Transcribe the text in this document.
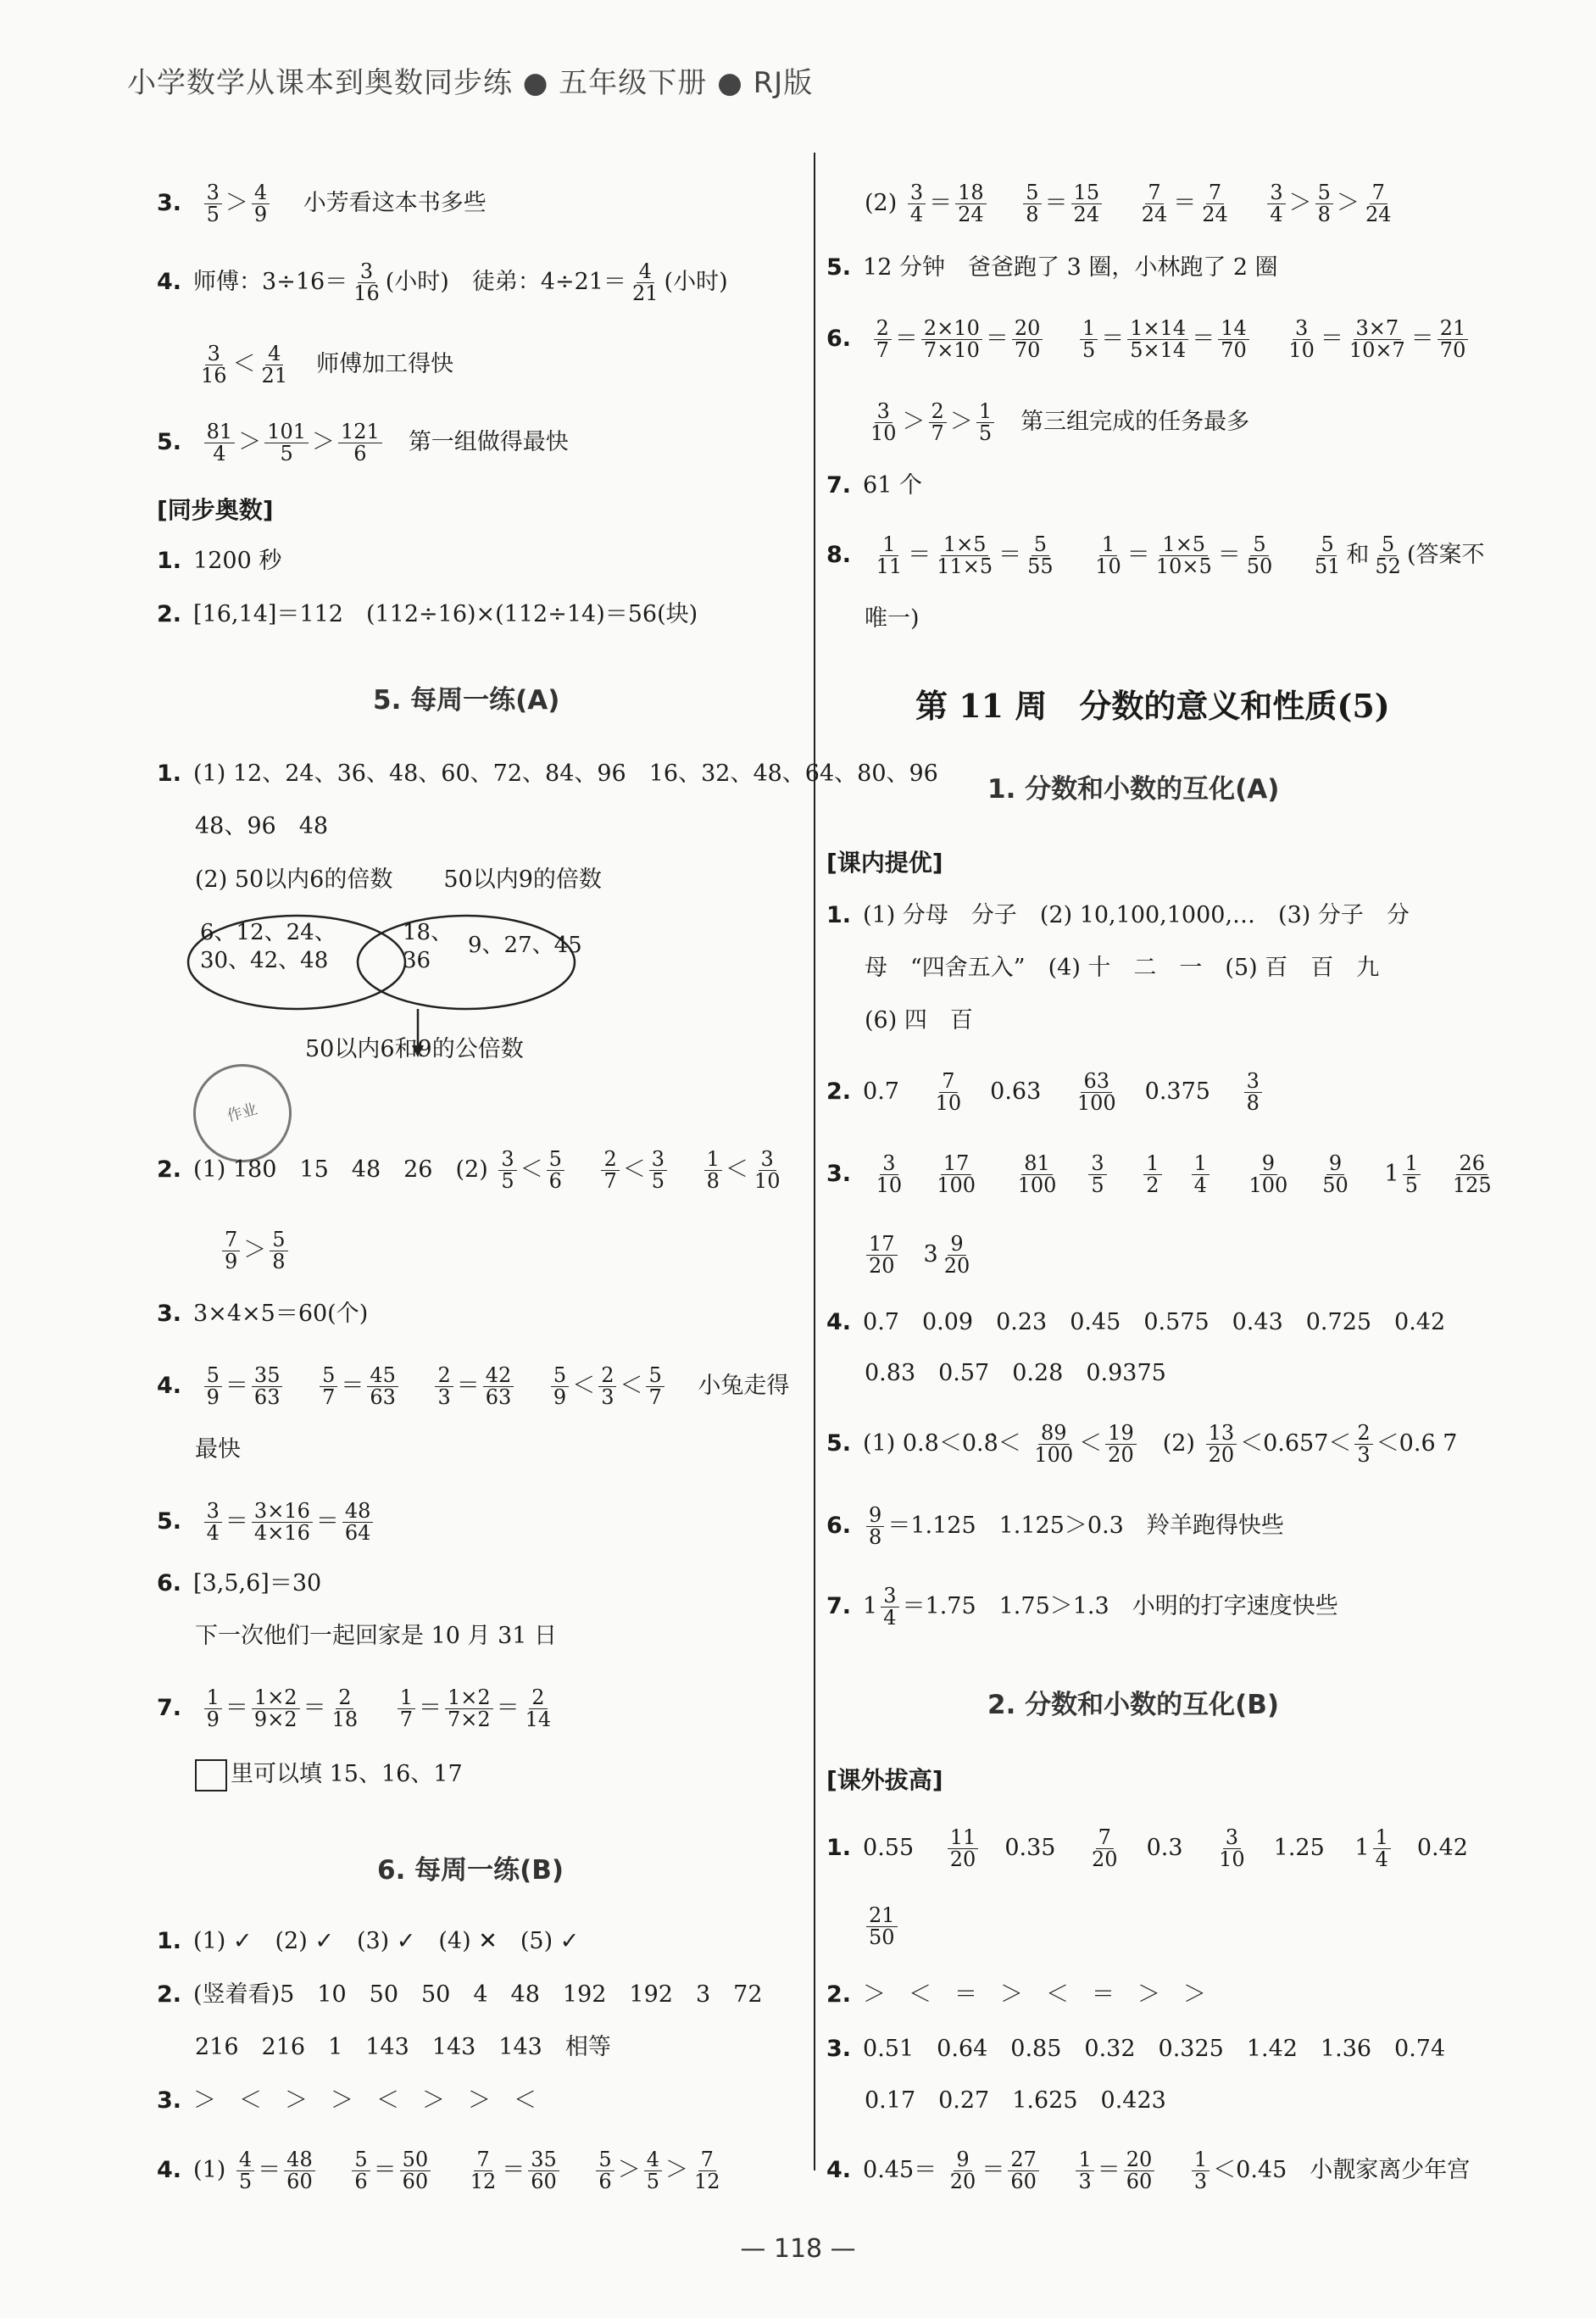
小学数学从课本到奥数同步练 ● 五年级下册 ● RJ版
3. $\frac{3}{5} > \frac{4}{9}$
　 小芳看这本书多些
4. 师傅：$3\div 16= \frac{3}{16}$ (小时)　徒弟：$4\div 21= \frac{4}{21}$ (小时)
$\frac{3}{16} < \frac{4}{21}$
　 师傅加工得快
5. $\frac{81}{4} > \frac{101}{5} > \frac{121}{6}$
　 第一组做得最快
[同步奥数]
1. 1200 秒
2. [16,14]＝112　(112÷16)×(112÷14)＝56(块)
5. 每周一练(A)
1. (1) 12、24、36、48、60、72、84、96　16、32、48、64、80、96
48、96　48
(2) 50以内6的倍数 50以内9的倍数
6、12、24、
30、42、48
18、
36
9、27、45
50以内6和9的公倍数
作业
2. (1) 180　15　48　26　$(2) \frac{3}{5} < \frac{5}{6}$
　 $\frac{2}{7} < \frac{3}{5}$
　 $\frac{1}{8} < \frac{3}{10}$
$\frac{7}{9} > \frac{5}{8}$
3. 3×4×5＝60(个)
4. $\frac{5}{9} = \frac{35}{63}$
　 $\frac{5}{7} = \frac{45}{63}$
　 $\frac{2}{3} = \frac{42}{63}$
　 $\frac{5}{9} < \frac{2}{3} < \frac{5}{7}$
　 小兔走得
最快
5. $\frac{3}{4} = \frac{3\times 16}{4\times 16} = \frac{48}{64}$
6. [3,5,6]＝30
下一次他们一起回家是 10 月 31 日
7. $\frac{1}{9} = \frac{1\times 2}{9\times 2} = \frac{2}{18}$
　 $\frac{1}{7} = \frac{1\times 2}{7\times 2} = \frac{2}{14}$
里可以填 15、16、17
6. 每周一练(B)
1. (1) ✓　(2) ✓　(3) ✓　(4) ✕　(5) ✓
2. (竖着看)5　10　50　50　4　48　192　192　3　72
216　216　1　143　143　143　相等
3. ＞　＜　＞　＞　＜　＞　＞　＜
4. $(1) \frac{4}{5} = \frac{48}{60}$
　 $\frac{5}{6} = \frac{50}{60}$
　 $\frac{7}{12} = \frac{35}{60}$
　 $\frac{5}{6} > \frac{4}{5} > \frac{7}{12}$
$(2) \frac{3}{4} = \frac{18}{24}$
　 $\frac{5}{8} = \frac{15}{24}$
　 $\frac{7}{24} = \frac{7}{24}$
　 $\frac{3}{4} > \frac{5}{8} > \frac{7}{24}$
5. 12 分钟　爸爸跑了 3 圈，小林跑了 2 圈
6. $\frac{2}{7} = \frac{2\times 10}{7\times 10} = \frac{20}{70}$
　 $\frac{1}{5} = \frac{1\times 14}{5\times 14} = \frac{14}{70}$
　 $\frac{3}{10} = \frac{3\times 7}{10\times 7} = \frac{21}{70}$
$\frac{3}{10} > \frac{2}{7} > \frac{1}{5}$
　 第三组完成的任务最多
7. 61 个
8. $\frac{1}{11} = \frac{1\times 5}{11\times 5} = \frac{5}{55}$
　 $\frac{1}{10} = \frac{1\times 5}{10\times 5} = \frac{5}{50}$
　 $\frac{5}{51}$ 和 $\frac{5}{52}$ (答案不
唯一)
第 11 周　分数的意义和性质(5)
1. 分数和小数的互化(A)
[课内提优]
1. (1) 分母　分子　(2) 10,100,1000,…　(3) 分子　分
母　“四舍五入”　(4) 十　二　一　(5) 百　百　九
(6) 四　百
2. 0.7　 $\frac{7}{10}$
　 0.63　 $\frac{63}{100}$
　 0.375　 $\frac{3}{8}$
3. $\frac{3}{10}$
　 $\frac{17}{100}$
　 $\frac{81}{100}$
　 $\frac{3}{5}$
　 $\frac{1}{2}$
　 $\frac{1}{4}$
　 $\frac{9}{100}$
　 $\frac{9}{50}$ 　 $1 \frac{1}{5}$
　 $\frac{26}{125}$
$\frac{17}{20}$ 　$3 \frac{9}{20}$
4. 0.7　0.09　0.23　0.45　0.575　0.43　0.725　0.42
0.83　0.57　0.28　0.9375
5. (1) 0.8＜0.8̇＜ $\frac{89}{100} < \frac{19}{20}$
　 $(2) \frac{13}{20} <0.657< \frac{2}{3} <0.6$ 7̇
6. $\frac{9}{8} =1.125$　1.125＞0.3　羚羊跑得快些
7. $1 \frac{3}{4} =1.75$　1.75＞1.3　小明的打字速度快些
2. 分数和小数的互化(B)
[课外拔高]
1. 0.55　 $\frac{11}{20}$
　 0.35　 $\frac{7}{20}$
　 0.3　 $\frac{3}{10}$
　 1.25　 $1 \frac{1}{4}$
　 0.42
$\frac{21}{50}$
2. ＞　＜　＝　＞　＜　＝　＞　＞
3. 0.51　0.64　0.85　0.32　0.325　1.42　1.36　0.74
0.17　0.27　1.625　0.423
4. $0.45= \frac{9}{20} = \frac{27}{60}$
　 $\frac{1}{3} = \frac{20}{60}$
　 $\frac{1}{3} <0.45$　小靓家离少年宫
— 118 —
